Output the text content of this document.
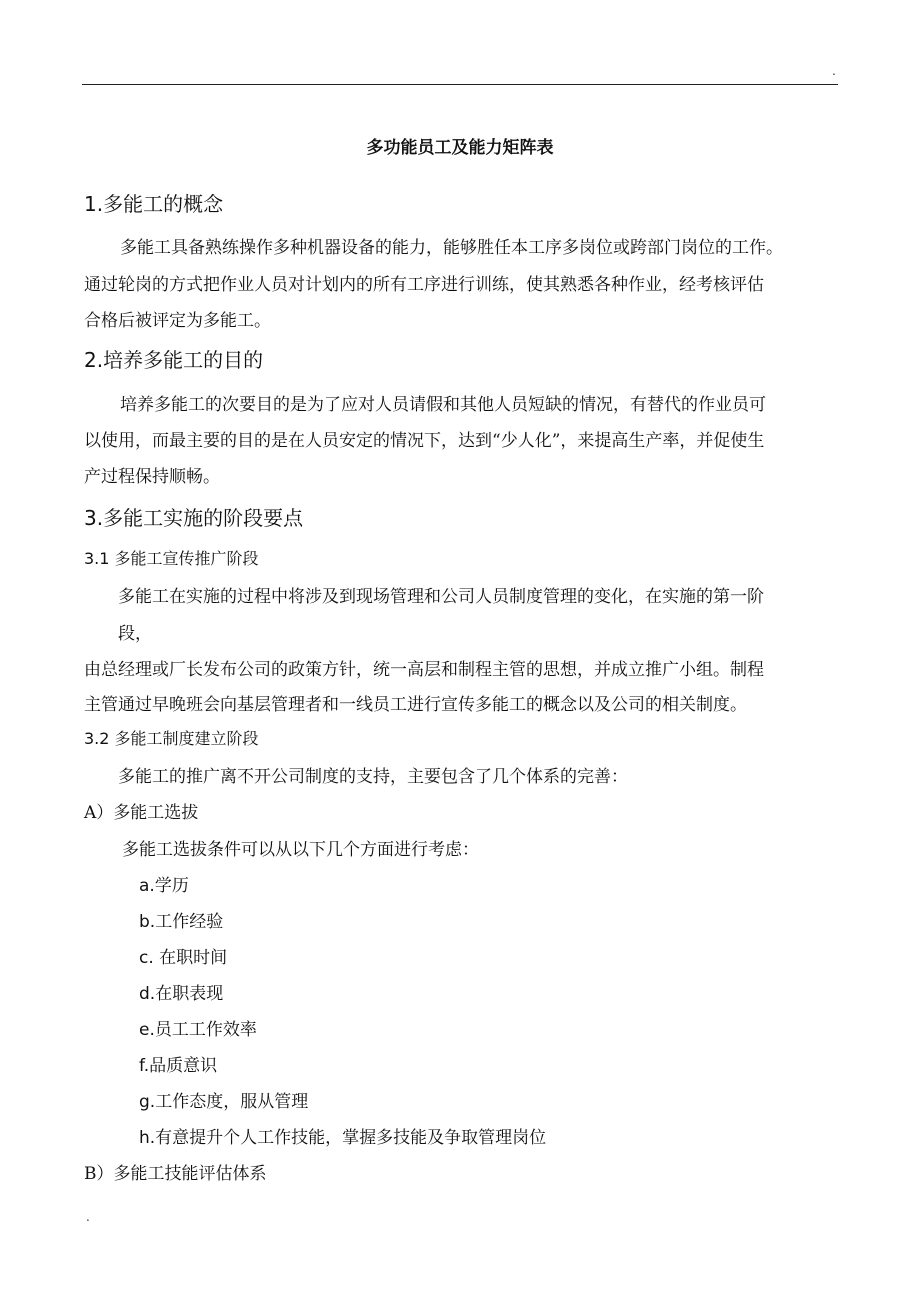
.
多功能员工及能力矩阵表
1.多能工的概念
多能工具备熟练操作多种机器设备的能力，能够胜任本工序多岗位或跨部门岗位的工作。
通过轮岗的方式把作业人员对计划内的所有工序进行训练，使其熟悉各种作业，经考核评估
合格后被评定为多能工。
2.培养多能工的目的
培养多能工的次要目的是为了应对人员请假和其他人员短缺的情况，有替代的作业员可
以使用，而最主要的目的是在人员安定的情况下，达到“少人化”，来提高生产率，并促使生
产过程保持顺畅。
3.多能工实施的阶段要点
3.1 多能工宣传推广阶段
多能工在实施的过程中将涉及到现场管理和公司人员制度管理的变化，在实施的第一阶
段，
由总经理或厂长发布公司的政策方针，统一高层和制程主管的思想，并成立推广小组。制程
主管通过早晚班会向基层管理者和一线员工进行宣传多能工的概念以及公司的相关制度。
3.2 多能工制度建立阶段
多能工的推广离不开公司制度的支持，主要包含了几个体系的完善：
A）多能工选拔
多能工选拔条件可以从以下几个方面进行考虑：
a.学历
b.工作经验
c. 在职时间
d.在职表现
e.员工工作效率
f.品质意识
g.工作态度，服从管理
h.有意提升个人工作技能，掌握多技能及争取管理岗位
B）多能工技能评估体系
.
